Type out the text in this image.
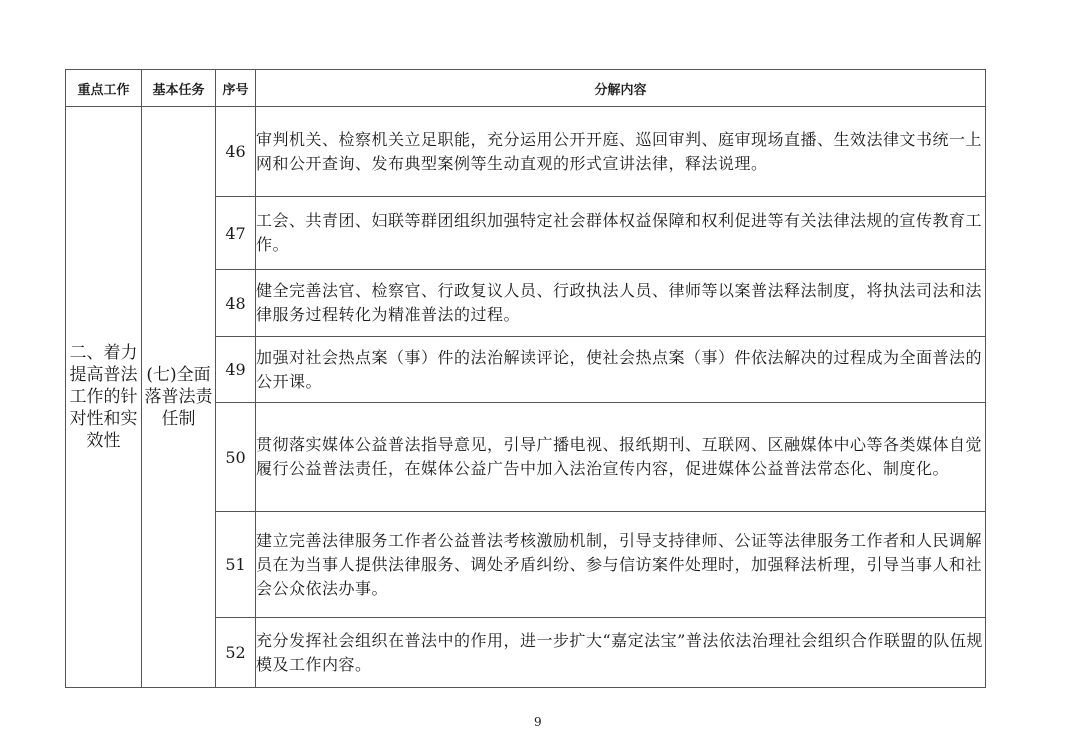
重点工作	基本任务	序号	分解内容
二、着力提高普法工作的针对性和实效性	(七)全面落普法责任制	46	审判机关、检察机关立足职能，充分运用公开开庭、巡回审判、庭审现场直播、生效法律文书统一上网和公开查询、发布典型案例等生动直观的形式宣讲法律，释法说理。
		47	工会、共青团、妇联等群团组织加强特定社会群体权益保障和权利促进等有关法律法规的宣传教育工作。
		48	健全完善法官、检察官、行政复议人员、行政执法人员、律师等以案普法释法制度，将执法司法和法律服务过程转化为精准普法的过程。
		49	加强对社会热点案（事）件的法治解读评论，使社会热点案（事）件依法解决的过程成为全面普法的公开课。
		50	贯彻落实媒体公益普法指导意见，引导广播电视、报纸期刊、互联网、区融媒体中心等各类媒体自觉履行公益普法责任，在媒体公益广告中加入法治宣传内容，促进媒体公益普法常态化、制度化。
		51	建立完善法律服务工作者公益普法考核激励机制，引导支持律师、公证等法律服务工作者和人民调解员在为当事人提供法律服务、调处矛盾纠纷、参与信访案件处理时，加强释法析理，引导当事人和社会公众依法办事。
		52	充分发挥社会组织在普法中的作用，进一步扩大“嘉定法宝”普法依法治理社会组织合作联盟的队伍规模及工作内容。
9
